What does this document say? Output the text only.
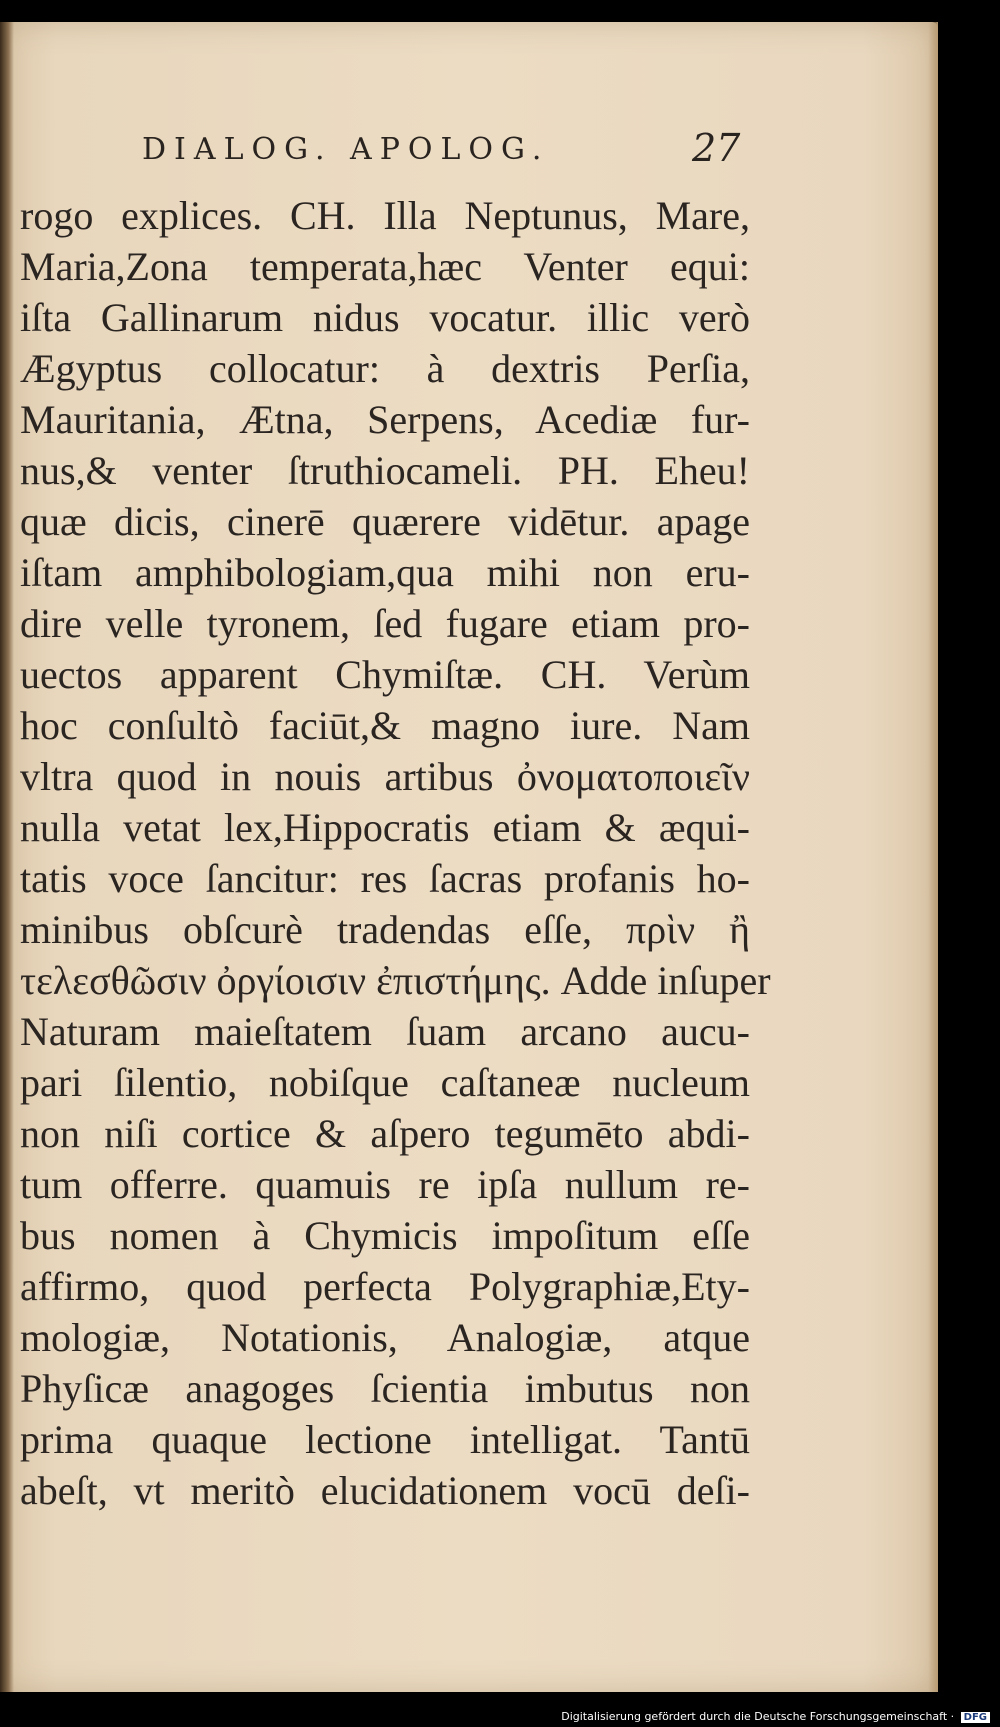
DIALOG. APOLOG.	27
rogo explices. CH. Illa Neptunus, Mare,
Maria,Zona temperata,hæc Venter equi:
iſta Gallinarum nidus vocatur. illic verò
Ægyptus collocatur: à dextris Perſia,
Mauritania, Ætna, Serpens, Acediæ fur-
nus,& venter ſtruthiocameli. PH. Eheu!
quæ dicis, cinerē quærere vidētur. apage
iſtam amphibologiam,qua mihi non eru-
dire velle tyronem, ſed fugare etiam pro-
uectos apparent Chymiſtæ. CH. Verùm
hoc conſultò faciūt,& magno iure. Nam
vltra quod in nouis artibus ὀνοματοποιεῖν
nulla vetat lex,Hippocratis etiam & æqui-
tatis voce ſancitur: res ſacras profanis ho-
minibus obſcurè tradendas eſſe, πρὶν ἢ
τελεσθῶσιν ὀργίοισιν ἐπιστήμης. Adde inſuper
Naturam maieſtatem ſuam arcano aucu-
pari ſilentio, nobiſque caſtaneæ nucleum
non niſi cortice & aſpero tegumēto abdi-
tum offerre. quamuis re ipſa nullum re-
bus nomen à Chymicis impoſitum eſſe
affirmo, quod perfecta Polygraphiæ,Ety-
mologiæ, Notationis, Analogiæ, atque
Phyſicæ anagoges ſcientia imbutus non
prima quaque lectione intelligat. Tantū
abeſt, vt meritò elucidationem vocū deſi-
Digitalisierung gefördert durch die Deutsche Forschungsgemeinschaft · DFG
